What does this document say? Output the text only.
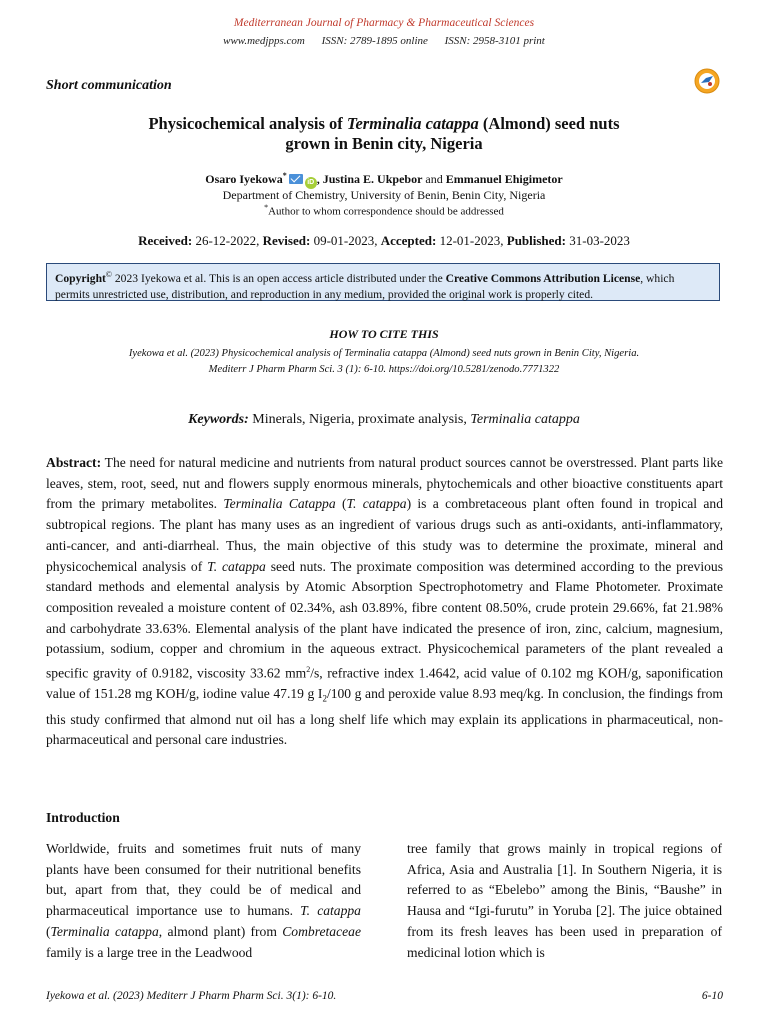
Mediterranean Journal of Pharmacy & Pharmaceutical Sciences
www.medjpps.com ISSN: 2789-1895 online ISSN: 2958-3101 print
Short communication
Physicochemical analysis of Terminalia catappa (Almond) seed nuts
grown in Benin city, Nigeria
Osaro Iyekowa*iD , Justina E. Ukpebor and Emmanuel Ehigimetor
Department of Chemistry, University of Benin, Benin City, Nigeria
*Author to whom correspondence should be addressed
Received: 26-12-2022, Revised: 09-01-2023, Accepted: 12-01-2023, Published: 31-03-2023
Copyright© 2023 Iyekowa et al. This is an open access article distributed under the Creative Commons Attribution License, which permits unrestricted use, distribution, and reproduction in any medium, provided the original work is properly cited.
HOW TO CITE THIS
Iyekowa et al. (2023) Physicochemical analysis of Terminalia catappa (Almond) seed nuts grown in Benin City, Nigeria.
Mediterr J Pharm Pharm Sci. 3 (1): 6-10. https://doi.org/10.5281/zenodo.7771322
Keywords: Minerals, Nigeria, proximate analysis, Terminalia catappa
Abstract: The need for natural medicine and nutrients from natural product sources cannot be overstressed. Plant parts like leaves, stem, root, seed, nut and flowers supply enormous minerals, phytochemicals and other bioactive constituents apart from the primary metabolites. Terminalia Catappa (T. catappa) is a combretaceous plant often found in tropical and subtropical regions. The plant has many uses as an ingredient of various drugs such as anti-oxidants, anti-inflammatory, anti-cancer, and anti-diarrheal. Thus, the main objective of this study was to determine the proximate, mineral and physicochemical analysis of T. catappa seed nuts. The proximate composition was determined according to the previous standard methods and elemental analysis by Atomic Absorption Spectrophotometry and Flame Photometer. Proximate composition revealed a moisture content of 02.34%, ash 03.89%, fibre content 08.50%, crude protein 29.66%, fat 21.98% and carbohydrate 33.63%. Elemental analysis of the plant have indicated the presence of iron, zinc, calcium, magnesium, potassium, sodium, copper and chromium in the aqueous extract. Physicochemical parameters of the plant revealed a specific gravity of 0.9182, viscosity 33.62 $mm^2/s$, refractive index 1.4642, acid value of 0.102 mg KOH/g, saponification value of 151.28 mg KOH/g, iodine value 47.19 g $I_2/100$ g and peroxide value 8.93 meq/kg. In conclusion, the findings from this study confirmed that almond nut oil has a long shelf life which may explain its applications in pharmaceutical, non-pharmaceutical and personal care industries.
Introduction
Worldwide, fruits and sometimes fruit nuts of many plants have been consumed for their nutritional benefits but, apart from that, they could be of medical and pharmaceutical importance use to humans. T. catappa (Terminalia catappa, almond plant) from Combretaceae family is a large tree in the Leadwood
tree family that grows mainly in tropical regions of Africa, Asia and Australia [1]. In Southern Nigeria, it is referred to as “Ebelebo” among the Binis, “Baushe” in Hausa and “Igi-furutu” in Yoruba [2]. The juice obtained from its fresh leaves has been used in preparation of medicinal lotion which is
Iyekowa et al. (2023) Mediterr J Pharm Pharm Sci. 3(1): 6-10.	6-10
